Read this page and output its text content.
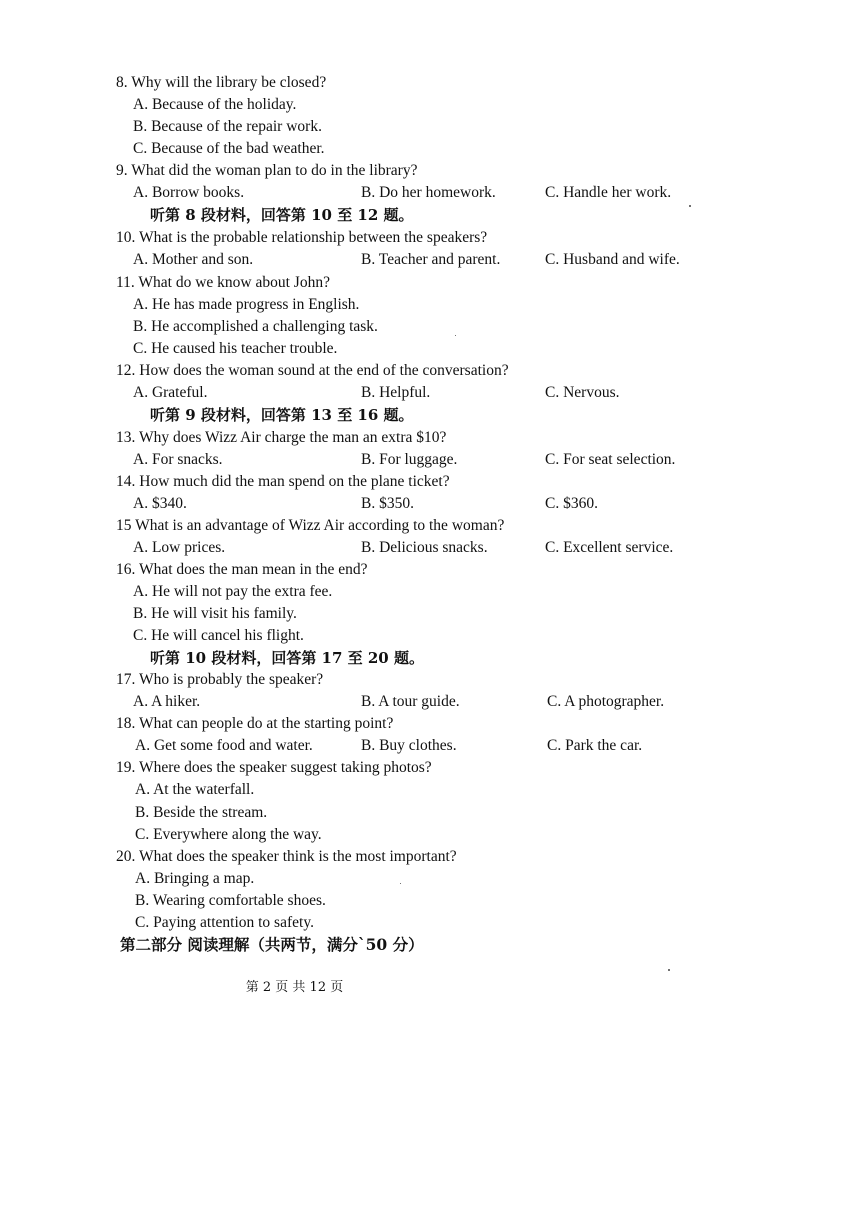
8. Why will the library be closed?
A. Because of the holiday.
B. Because of the repair work.
C. Because of the bad weather.
9. What did the woman plan to do in the library?
A. Borrow books.	B. Do her homework.	C. Handle her work.
听第 8 段材料，回答第 10 至 12 题。
10. What is the probable relationship between the speakers?
A. Mother and son.	B. Teacher and parent.	C. Husband and wife.
11. What do we know about John?
A. He has made progress in English.
B. He accomplished a challenging task.
C. He caused his teacher trouble.
12. How does the woman sound at the end of the conversation?
A. Grateful.	B. Helpful.	C. Nervous.
听第 9 段材料，回答第 13 至 16 题。
13. Why does Wizz Air charge the man an extra $10?
A. For snacks.	B. For luggage.	C. For seat selection.
14. How much did the man spend on the plane ticket?
A. $340.	B. $350.	C. $360.
15 What is an advantage of Wizz Air according to the woman?
A. Low prices.	B. Delicious snacks.	C. Excellent service.
16. What does the man mean in the end?
A. He will not pay the extra fee.
B. He will visit his family.
C. He will cancel his flight.
听第 10 段材料，回答第 17 至 20 题。
17. Who is probably the speaker?
A. A hiker.	B. A tour guide.	C. A photographer.
18. What can people do at the starting point?
A. Get some food and water.	B. Buy clothes.	C. Park the car.
19. Where does the speaker suggest taking photos?
A. At the waterfall.
B. Beside the stream.
C. Everywhere along the way.
20. What does the speaker think is the most important?
A. Bringing a map.
B. Wearing comfortable shoes.
C. Paying attention to safety.
第二部分 阅读理解（共两节，满分`50 分）
第 2 页 共 12 页
